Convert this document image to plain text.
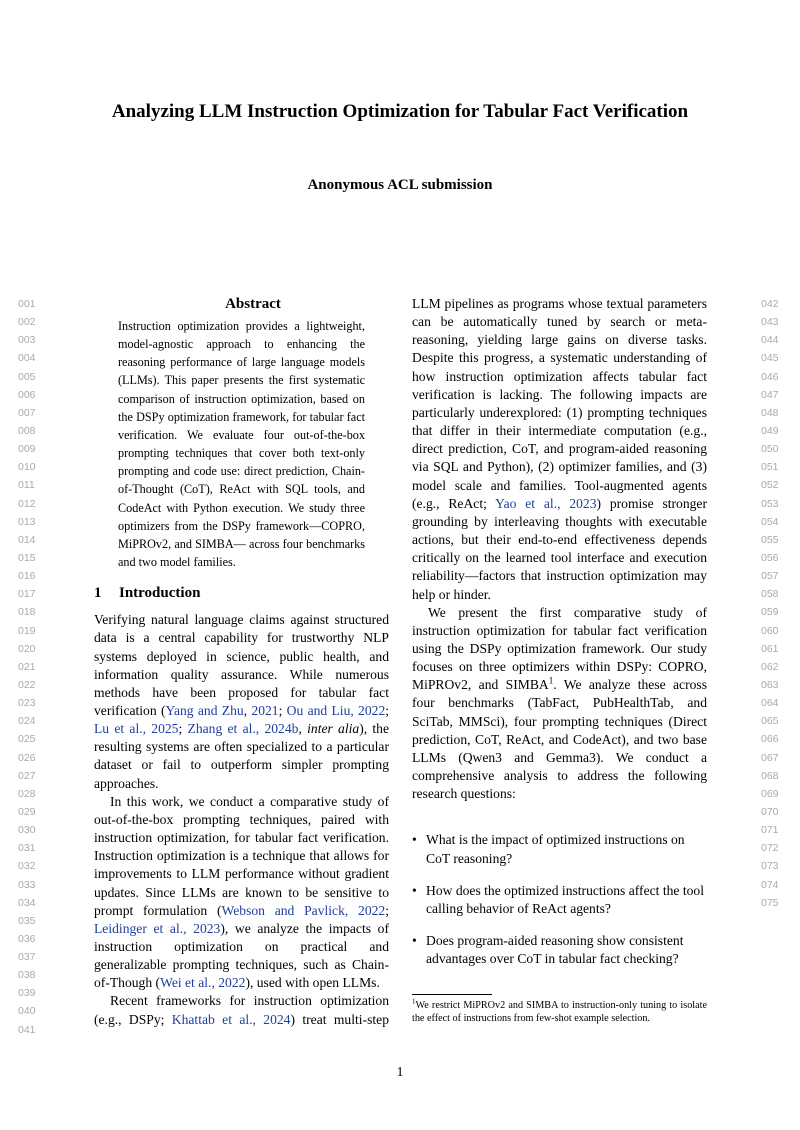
Analyzing LLM Instruction Optimization for Tabular Fact Verification
Anonymous ACL submission
001
002
003
004
005
006
007
008
009
010
011
012
013
014
015
016
017
018
019
020
021
022
023
024
025
026
027
028
029
030
031
032
033
034
035
036
037
038
039
040
041
042
043
044
045
046
047
048
049
050
051
052
053
054
055
056
057
058
059
060
061
062
063
064
065
066
067
068
069
070
071
072
073
074
075
Abstract
Instruction optimization provides a lightweight, model-agnostic approach to enhancing the reasoning performance of large language models (LLMs). This paper presents the first systematic comparison of instruction optimization, based on the DSPy optimization framework, for tabular fact verification. We evaluate four out-of-the-box prompting techniques that cover both text-only prompting and code use: direct prediction, Chain-of-Thought (CoT), ReAct with SQL tools, and CodeAct with Python execution. We study three optimizers from the DSPy framework—COPRO, MiPROv2, and SIMBA— across four benchmarks and two model families.
1 Introduction

Verifying natural language claims against structured data is a central capability for trustworthy NLP systems deployed in science, public health, and information quality assurance. While numerous methods have been proposed for tabular fact verification (Yang and Zhu, 2021; Ou and Liu, 2022; Lu et al., 2025; Zhang et al., 2024b, inter alia), the resulting systems are often specialized to a particular dataset or fail to outperform simpler prompting approaches.

In this work, we conduct a comparative study of out-of-the-box prompting techniques, paired with instruction optimization, for tabular fact verification. Instruction optimization is a technique that allows for improvements to LLM performance without gradient updates. Since LLMs are known to be sensitive to prompt formulation (Webson and Pavlick, 2022; Leidinger et al., 2023), we analyze the impacts of instruction optimization on practical and generalizable prompting techniques, such as Chain-of-Though (Wei et al., 2022), used with open LLMs.

Recent frameworks for instruction optimization (e.g., DSPy; Khattab et al., 2024) treat multi-step

LLM pipelines as programs whose textual parameters can be automatically tuned by search or meta-reasoning, yielding large gains on diverse tasks. Despite this progress, a systematic understanding of how instruction optimization affects tabular fact verification is lacking. The following impacts are particularly underexplored: (1) prompting techniques that differ in their intermediate computation (e.g., direct prediction, CoT, and program-aided reasoning via SQL and Python), (2) optimizer families, and (3) model scale and families. Tool-augmented agents (e.g., ReAct; Yao et al., 2023) promise stronger grounding by interleaving thoughts with executable actions, but their end-to-end effectiveness depends critically on the learned tool interface and execution reliability—factors that instruction optimization may help or hinder.

We present the first comparative study of instruction optimization for tabular fact verification using the DSPy optimization framework. Our study focuses on three optimizers within DSPy: COPRO, MiPROv2, and SIMBA$^1$. We analyze these across four benchmarks (TabFact, PubHealthTab, and SciTab, MMSci), four prompting techniques (Direct prediction, CoT, ReAct, and CodeAct), and two base LLMs (Qwen3 and Gemma3). We conduct a comprehensive analysis to address the following research questions:

• What is the impact of optimized instructions on CoT reasoning?
• How does the optimized instructions affect the tool calling behavior of ReAct agents?
• Does program-aided reasoning show consistent advantages over CoT in tabular fact checking?
$^1$We restrict MiPROv2 and SIMBA to instruction-only tuning to isolate the effect of instructions from few-shot example selection.
1
